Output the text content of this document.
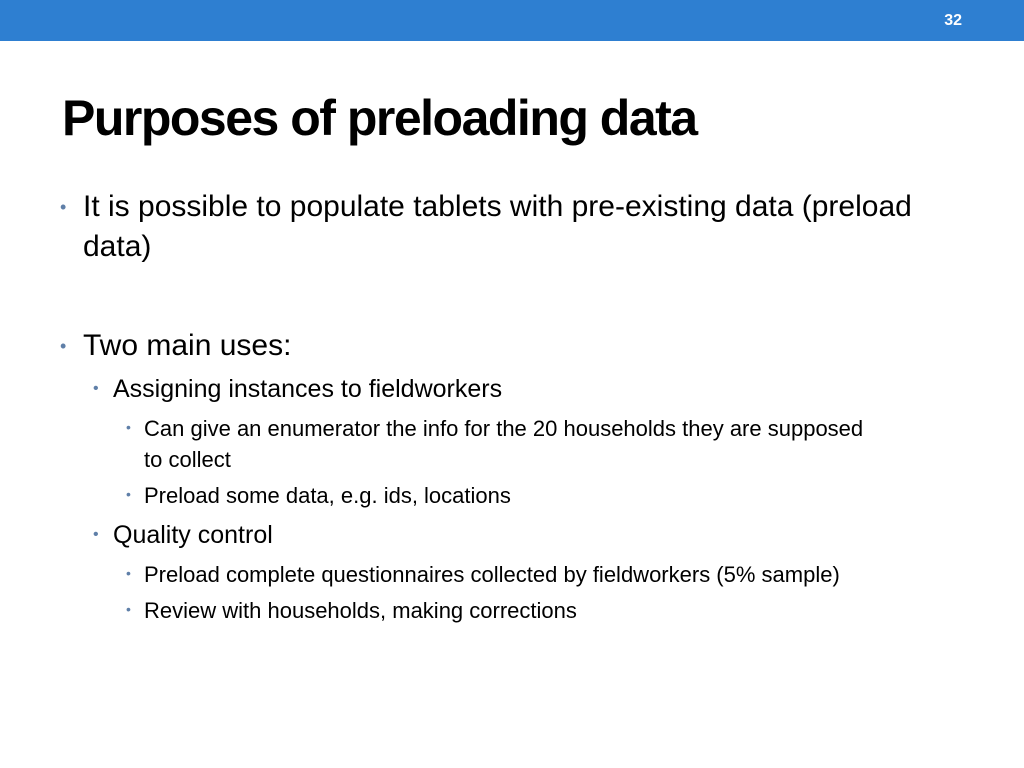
32
Purposes of preloading data
• It is possible to populate tablets with pre-existing data (preload data)
• Two main uses:
• Assigning instances to fieldworkers
• Can give an enumerator the info for the 20 households they are supposed to collect
• Preload some data, e.g. ids, locations
• Quality control
• Preload complete questionnaires collected by fieldworkers (5% sample)
• Review with households, making corrections
